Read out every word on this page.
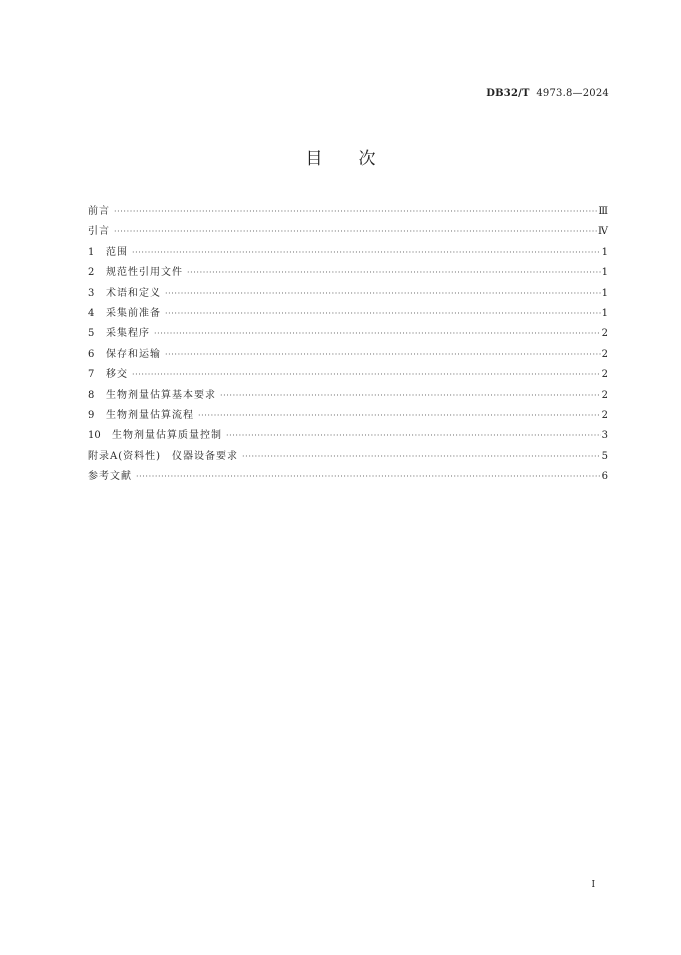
DB32/T 4973.8—2024
目 次
前言 ·····	Ⅲ
引言 ·····	Ⅳ
1	范围 ·····	1
2	规范性引用文件 ·····	1
3	术语和定义 ·····	1
4	采集前准备 ·····	1
5	采集程序 ·····	2
6	保存和运输 ·····	2
7	移交 ·····	2
8	生物剂量估算基本要求 ·····	2
9	生物剂量估算流程 ·····	2
10	生物剂量估算质量控制 ·····	3
附录A(资料性)　仪器设备要求 ·····	5
参考文献 ·····	6
I
